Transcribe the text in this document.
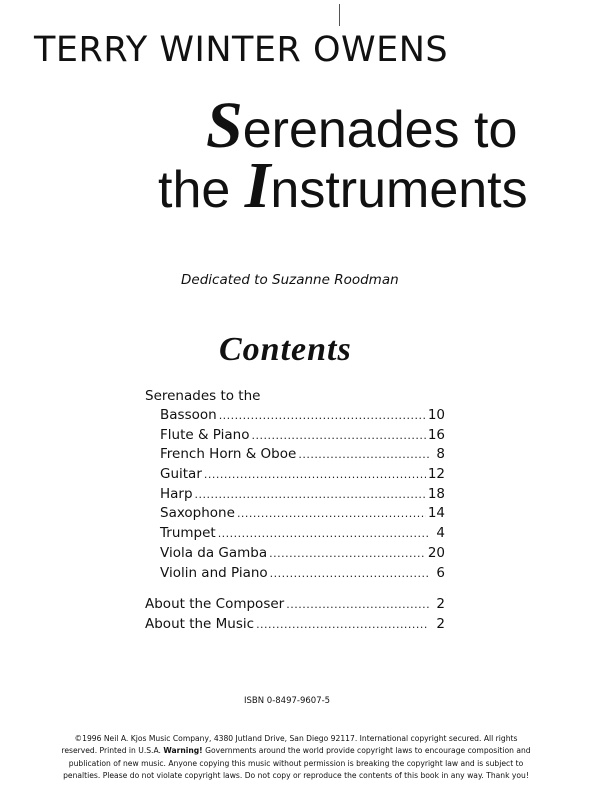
TERRY WINTER OWENS
Serenades to
the Instruments
Dedicated to Suzanne Roodman
Contents
Serenades to the
Bassoon .....	10
Flute & Piano .....	16
French Horn & Oboe .....	8
Guitar .....	12
Harp .....	18
Saxophone .....	14
Trumpet .....	4
Viola da Gamba .....	20
Violin and Piano .....	6
About the Composer .....	2
About the Music .....	2
ISBN 0-8497-9607-5
©1996 Neil A. Kjos Music Company, 4380 Jutland Drive, San Diego 92117. International copyright secured. All rights reserved. Printed in U.S.A. Warning! Governments around the world provide copyright laws to encourage composition and publication of new music. Anyone copying this music without permission is breaking the copyright law and is subject to penalties. Please do not violate copyright laws. Do not copy or reproduce the contents of this book in any way. Thank you!
